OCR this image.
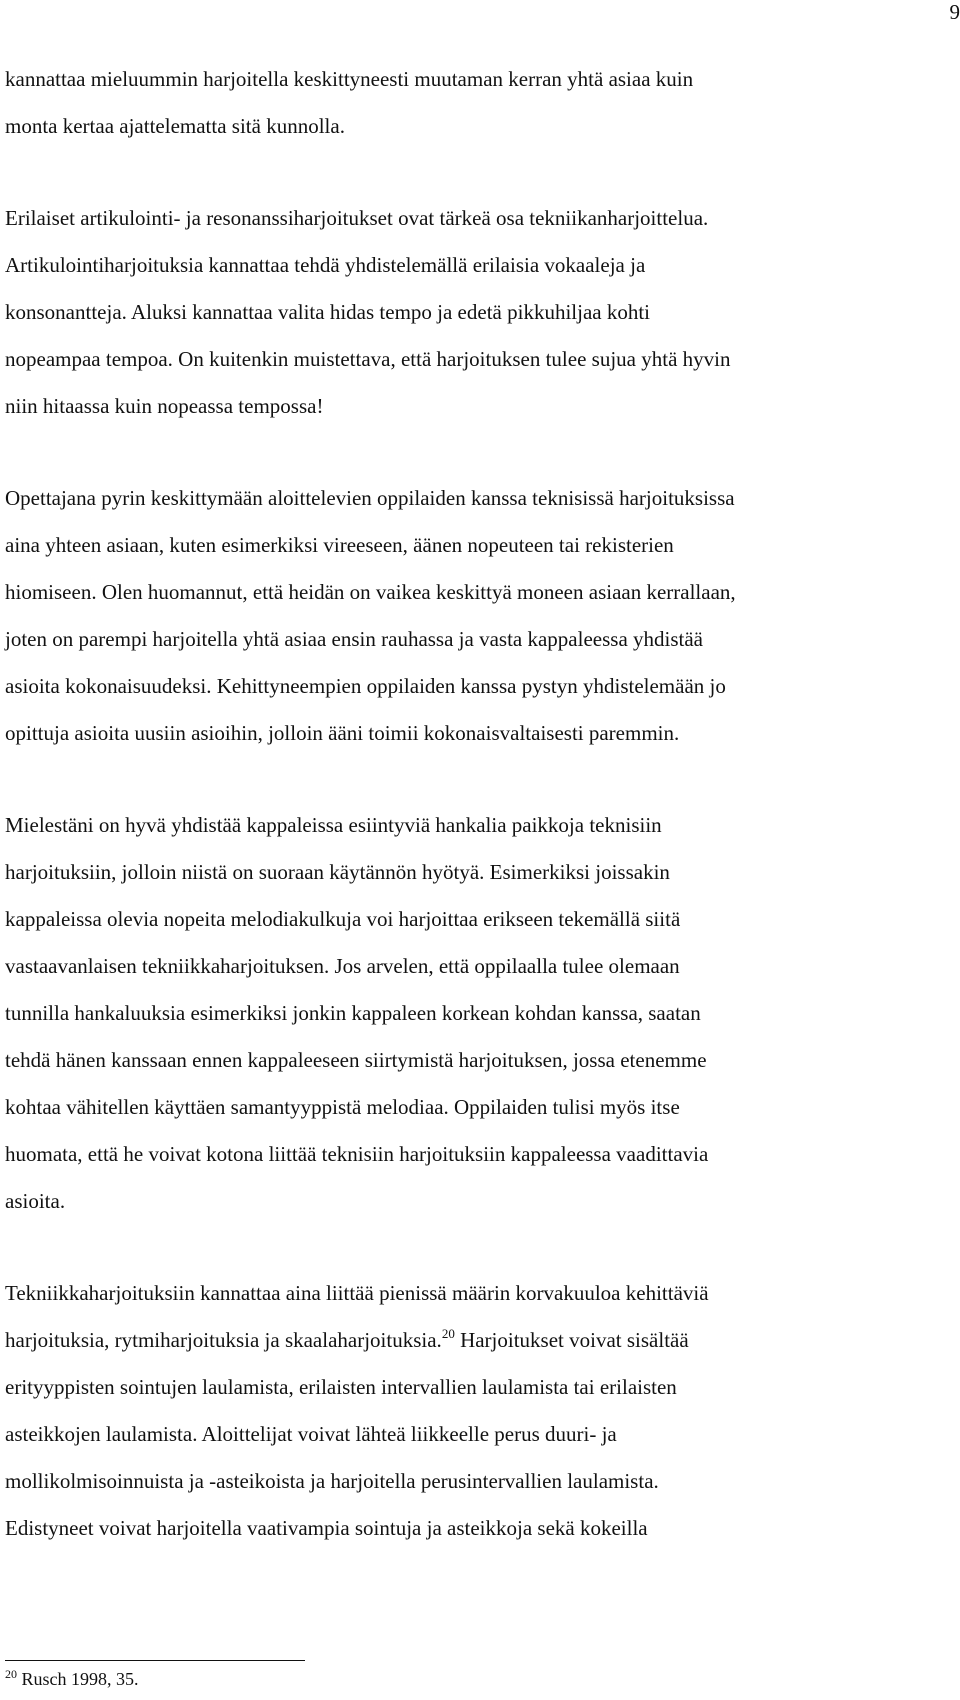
9
kannattaa mieluummin harjoitella keskittyneesti muutaman kerran yhtä asiaa kuin
monta kertaa ajattelematta sitä kunnolla.
Erilaiset artikulointi- ja resonanssiharjoitukset ovat tärkeä osa tekniikanharjoittelua.
Artikulointiharjoituksia kannattaa tehdä yhdistelemällä erilaisia vokaaleja ja
konsonantteja. Aluksi kannattaa valita hidas tempo ja edetä pikkuhiljaa kohti
nopeampaa tempoa. On kuitenkin muistettava, että harjoituksen tulee sujua yhtä hyvin
niin hitaassa kuin nopeassa tempossa!
Opettajana pyrin keskittymään aloittelevien oppilaiden kanssa teknisissä harjoituksissa
aina yhteen asiaan, kuten esimerkiksi vireeseen, äänen nopeuteen tai rekisterien
hiomiseen. Olen huomannut, että heidän on vaikea keskittyä moneen asiaan kerrallaan,
joten on parempi harjoitella yhtä asiaa ensin rauhassa ja vasta kappaleessa yhdistää
asioita kokonaisuudeksi. Kehittyneempien oppilaiden kanssa pystyn yhdistelemään jo
opittuja asioita uusiin asioihin, jolloin ääni toimii kokonaisvaltaisesti paremmin.
Mielestäni on hyvä yhdistää kappaleissa esiintyviä hankalia paikkoja teknisiin
harjoituksiin, jolloin niistä on suoraan käytännön hyötyä. Esimerkiksi joissakin
kappaleissa olevia nopeita melodiakulkuja voi harjoittaa erikseen tekemällä siitä
vastaavanlaisen tekniikkaharjoituksen. Jos arvelen, että oppilaalla tulee olemaan
tunnilla hankaluuksia esimerkiksi jonkin kappaleen korkean kohdan kanssa, saatan
tehdä hänen kanssaan ennen kappaleeseen siirtymistä harjoituksen, jossa etenemme
kohtaa vähitellen käyttäen samantyyppistä melodiaa. Oppilaiden tulisi myös itse
huomata, että he voivat kotona liittää teknisiin harjoituksiin kappaleessa vaadittavia
asioita.
Tekniikkaharjoituksiin kannattaa aina liittää pienissä määrin korvakuuloa kehittäviä
harjoituksia, rytmiharjoituksia ja skaalaharjoituksia.$^{20}$ Harjoitukset voivat sisältää
erityyppisten sointujen laulamista, erilaisten intervallien laulamista tai erilaisten
asteikkojen laulamista. Aloittelijat voivat lähteä liikkeelle perus duuri- ja
mollikolmisoinnuista ja -asteikoista ja harjoitella perusintervallien laulamista.
Edistyneet voivat harjoitella vaativampia sointuja ja asteikkoja sekä kokeilla
$^{20}$ Rusch 1998, 35.
